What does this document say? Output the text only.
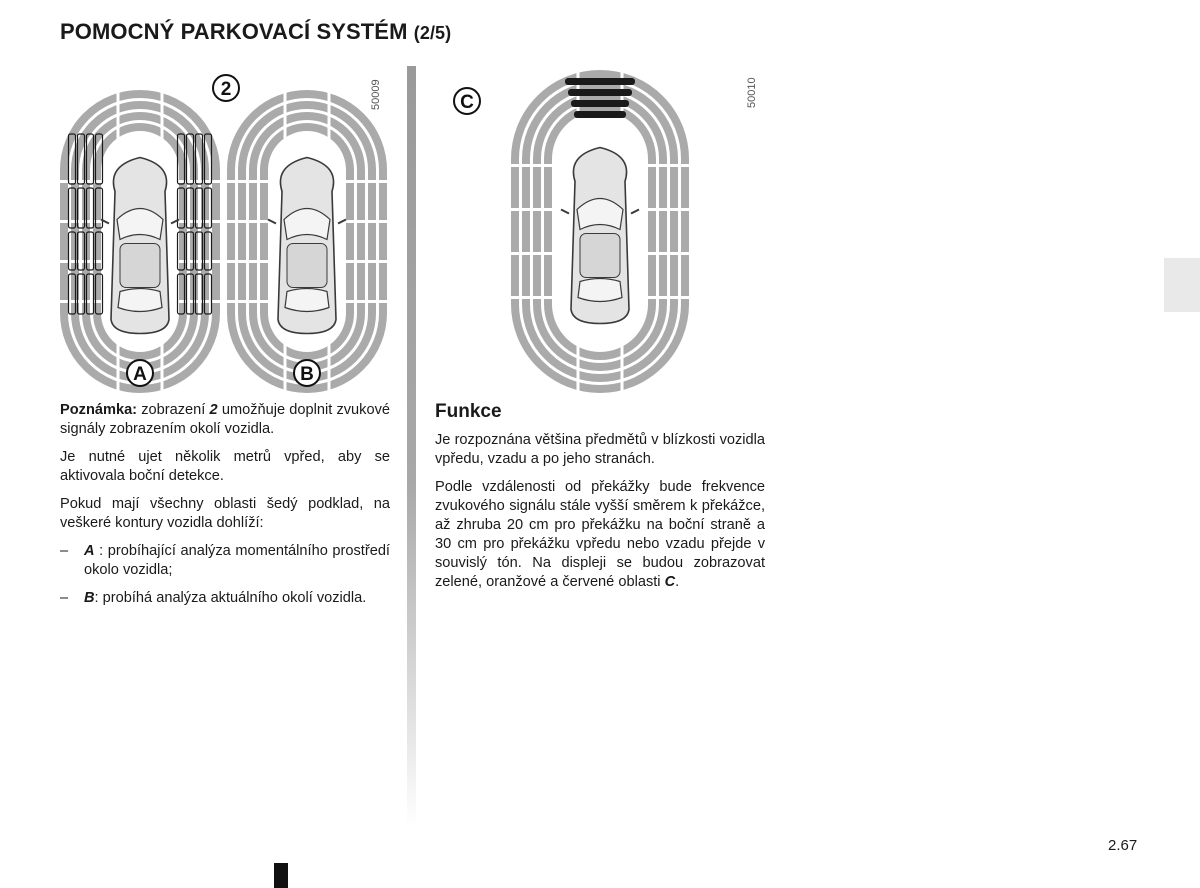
POMOCNÝ PARKOVACÍ SYSTÉM (2/5)
2
A	B
50009	C	50010

Poznámka: zobrazení 2 umožňuje doplnit zvukové signály zobrazením okolí vozidla.

Je nutné ujet několik metrů vpřed, aby se aktivovala boční detekce.

Pokud mají všechny oblasti šedý podklad, na veškeré kontury vozidla dohlíží:

– A : probíhající analýza momentálního prostředí okolo vozidla;
– B: probíhá analýza aktuálního okolí vozidla.
Funkce

Je rozpoznána většina předmětů v blízkosti vozidla vpředu, vzadu a po jeho stranách.

Podle vzdálenosti od překážky bude frekvence zvukového signálu stále vyšší směrem k překážce, až zhruba 20 cm pro překážku na boční straně a 30 cm pro překážku vpředu nebo vzadu přejde v souvislý tón. Na displeji se budou zobrazovat zelené, oranžové a červené oblasti C.

2.67
